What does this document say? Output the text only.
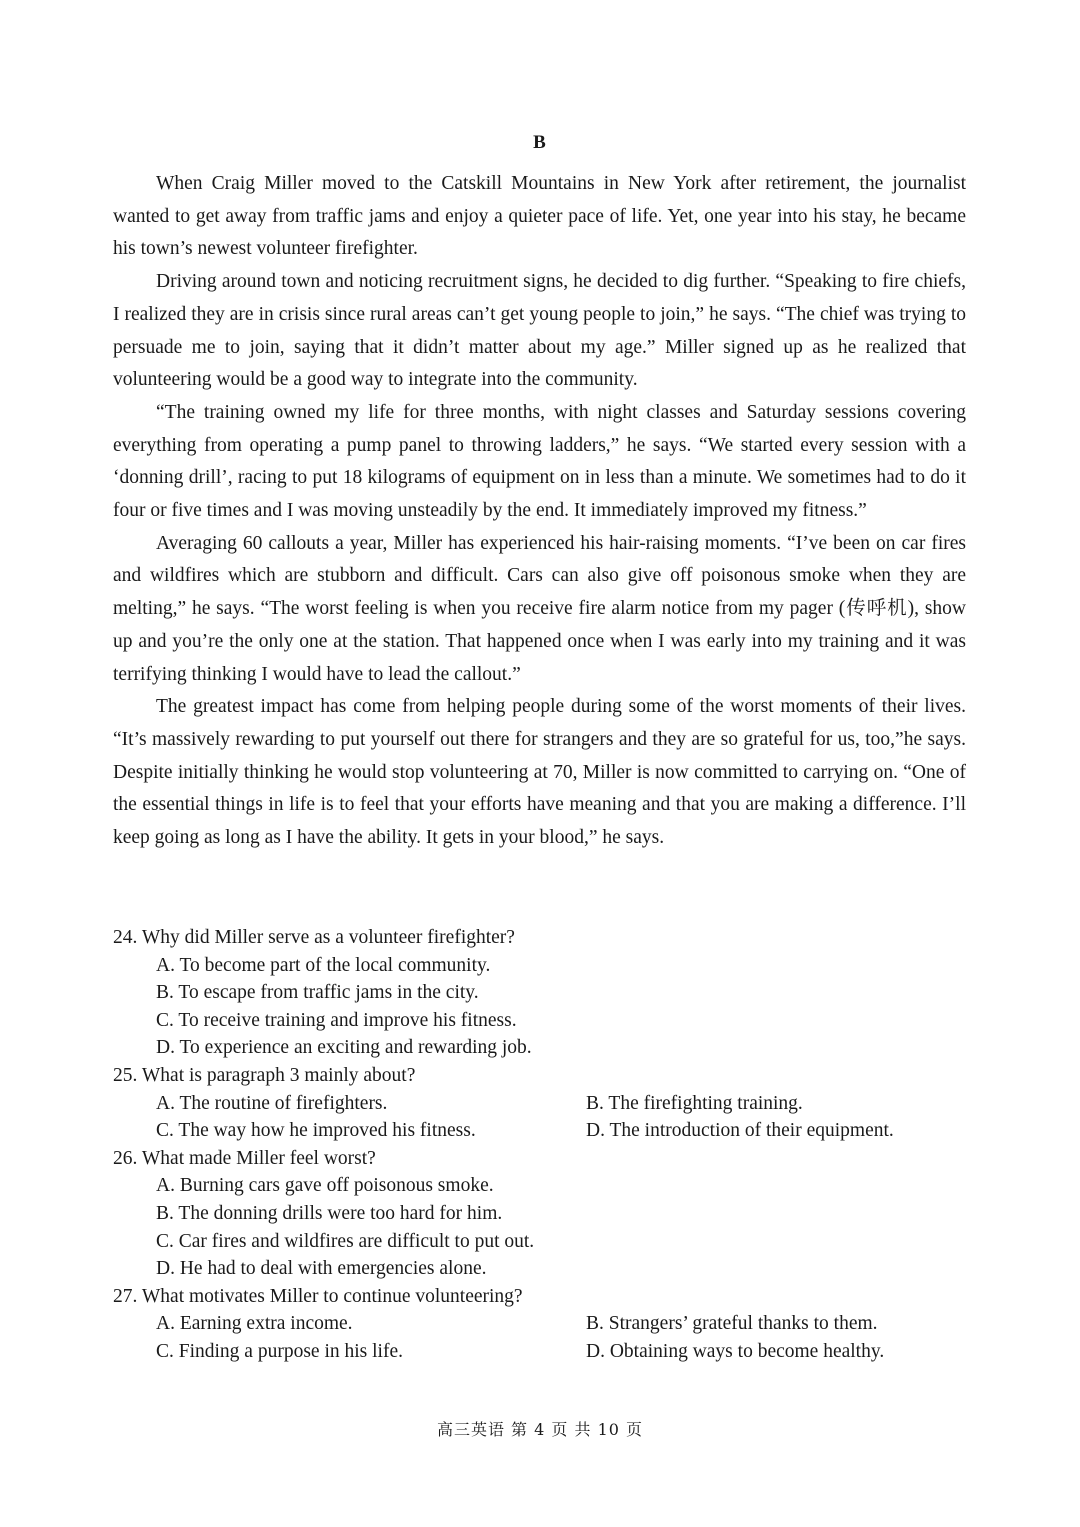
B

When Craig Miller moved to the Catskill Mountains in New York after retirement, the journalist wanted to get away from traffic jams and enjoy a quieter pace of life. Yet, one year into his stay, he became his town’s newest volunteer firefighter.

Driving around town and noticing recruitment signs, he decided to dig further. “Speaking to fire chiefs, I realized they are in crisis since rural areas can’t get young people to join,” he says. “The chief was trying to persuade me to join, saying that it didn’t matter about my age.” Miller signed up as he realized that volunteering would be a good way to integrate into the community.

“The training owned my life for three months, with night classes and Saturday sessions covering everything from operating a pump panel to throwing ladders,” he says. “We started every session with a ‘donning drill’, racing to put 18 kilograms of equipment on in less than a minute. We sometimes had to do it four or five times and I was moving unsteadily by the end. It immediately improved my fitness.”

Averaging 60 callouts a year, Miller has experienced his hair-raising moments. “I’ve been on car fires and wildfires which are stubborn and difficult. Cars can also give off poisonous smoke when they are melting,” he says. “The worst feeling is when you receive fire alarm notice from my pager (传呼机), show up and you’re the only one at the station. That happened once when I was early into my training and it was terrifying thinking I would have to lead the callout.”

The greatest impact has come from helping people during some of the worst moments of their lives. “It’s massively rewarding to put yourself out there for strangers and they are so grateful for us, too,”he says. Despite initially thinking he would stop volunteering at 70, Miller is now committed to carrying on. “One of the essential things in life is to feel that your efforts have meaning and that you are making a difference. I’ll keep going as long as I have the ability. It gets in your blood,” he says.

24. Why did Miller serve as a volunteer firefighter?
A. To become part of the local community.
B. To escape from traffic jams in the city.
C. To receive training and improve his fitness.
D. To experience an exciting and rewarding job.
25. What is paragraph 3 mainly about?
A. The routine of firefighters.	B. The firefighting training.
C. The way how he improved his fitness.	D. The introduction of their equipment.
26. What made Miller feel worst?
A. Burning cars gave off poisonous smoke.
B. The donning drills were too hard for him.
C. Car fires and wildfires are difficult to put out.
D. He had to deal with emergencies alone.
27. What motivates Miller to continue volunteering?
A. Earning extra income.	B. Strangers’ grateful thanks to them.
C. Finding a purpose in his life.	D. Obtaining ways to become healthy.
高三英语 第 4 页 共 10 页
